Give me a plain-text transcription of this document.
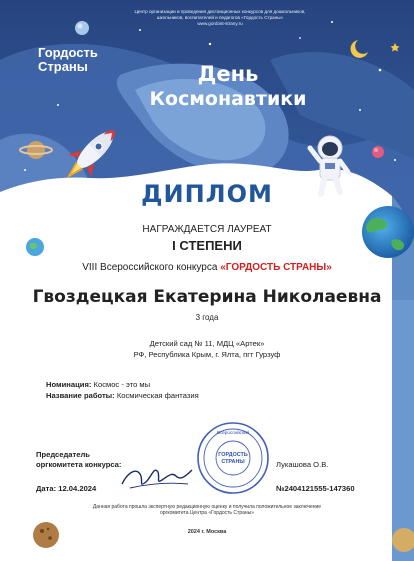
Центр организации и проведения дистанционных конкурсов для дошкольников,
школьников, воспитателей и педагогов «Гордость Страны»
www.gordost-strany.ru
Гордость
Страны	День
Космонавтики
ДИПЛОМ
НАГРАЖДАЕТСЯ ЛАУРЕАТ
I СТЕПЕНИ
VIII Всероссийского конкурса «ГОРДОСТЬ СТРАНЫ»
Гвоздецкая Екатерина Николаевна
3 года
Детский сад № 11, МДЦ «Артек»
РФ, Республика Крым, г. Ялта, пгт Гурзуф
Номинация: Космос - это мы
Название работы: Космическая фантазия
Председатель
оргкомитета конкурса:
Всероссийский
ГОРДОСТЬ
СТРАНЫ	Лукашова О.В.
Дата: 12.04.2024	№2404121555-147360
Данная работа прошла экспертную редакционную оценку и получила положительное заключение
оргкомитета Центра «Гордость Страны»
2024 г. Москва
